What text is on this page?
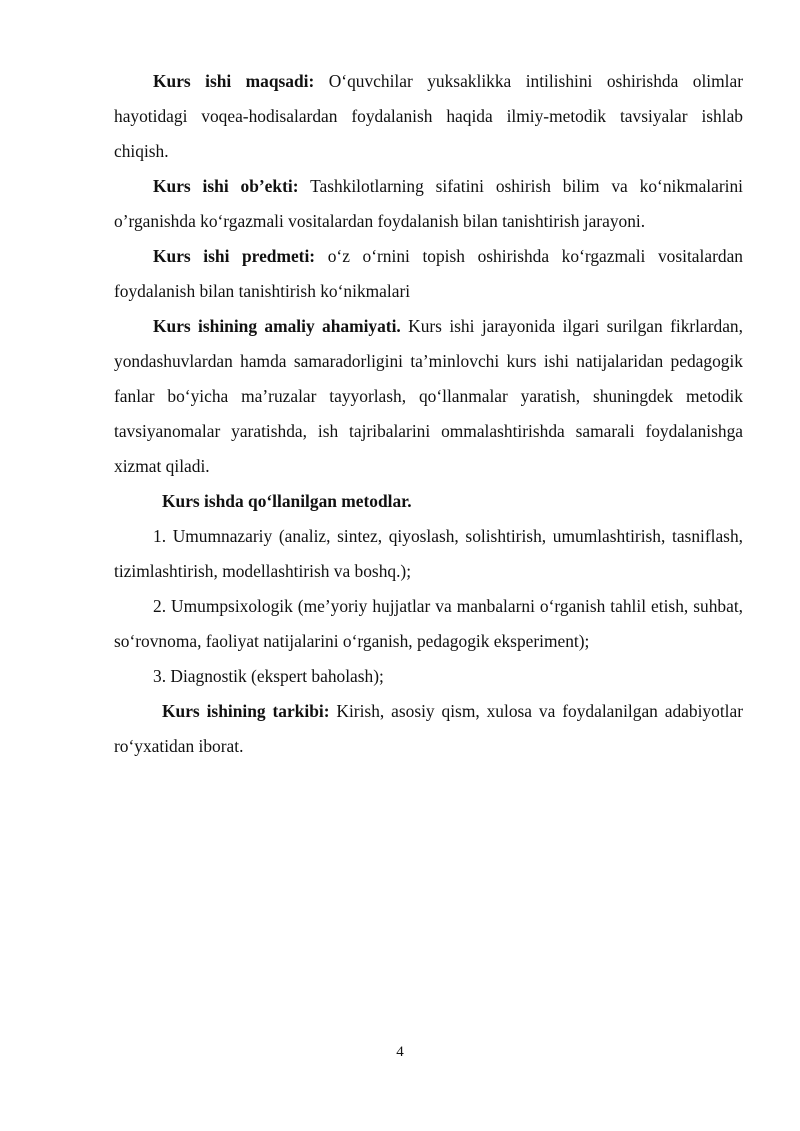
Kurs ishi maqsadi: O‘quvchilar yuksaklikka intilishini oshirishda olimlar hayotidagi voqea-hodisalardan foydalanish haqida ilmiy-metodik tavsiyalar ishlab chiqish.

Kurs ishi ob’ekti: Tashkilotlarning sifatini oshirish bilim va ko‘nikmalarini o’rganishda ko‘rgazmali vositalardan foydalanish bilan tanishtirish jarayoni.

Kurs ishi predmeti: o‘z o‘rnini topish oshirishda ko‘rgazmali vositalardan foydalanish bilan tanishtirish ko‘nikmalari

Kurs ishining amaliy ahamiyati. Kurs ishi jarayonida ilgari surilgan fikrlardan, yondashuvlardan hamda samaradorligini ta’minlovchi kurs ishi natijalaridan pedagogik fanlar bo‘yicha ma’ruzalar tayyorlash, qo‘llanmalar yaratish, shuningdek metodik tavsiyanomalar yaratishda, ish tajribalarini ommalashtirishda samarali foydalanishga xizmat qiladi.

Kurs ishda qo‘llanilgan metodlar.

1. Umumnazariy (analiz, sintez, qiyoslash, solishtirish, umumlashtirish, tasniflash, tizimlashtirish, modellashtirish va boshq.);

2. Umumpsixologik (me’yoriy hujjatlar va manbalarni o‘rganish tahlil etish, suhbat, so‘rovnoma, faoliyat natijalarini o‘rganish, pedagogik eksperiment);

3. Diagnostik (ekspert baholash);

Kurs ishining tarkibi: Kirish, asosiy qism, xulosa va foydalanilgan adabiyotlar ro‘yxatidan iborat.

4
